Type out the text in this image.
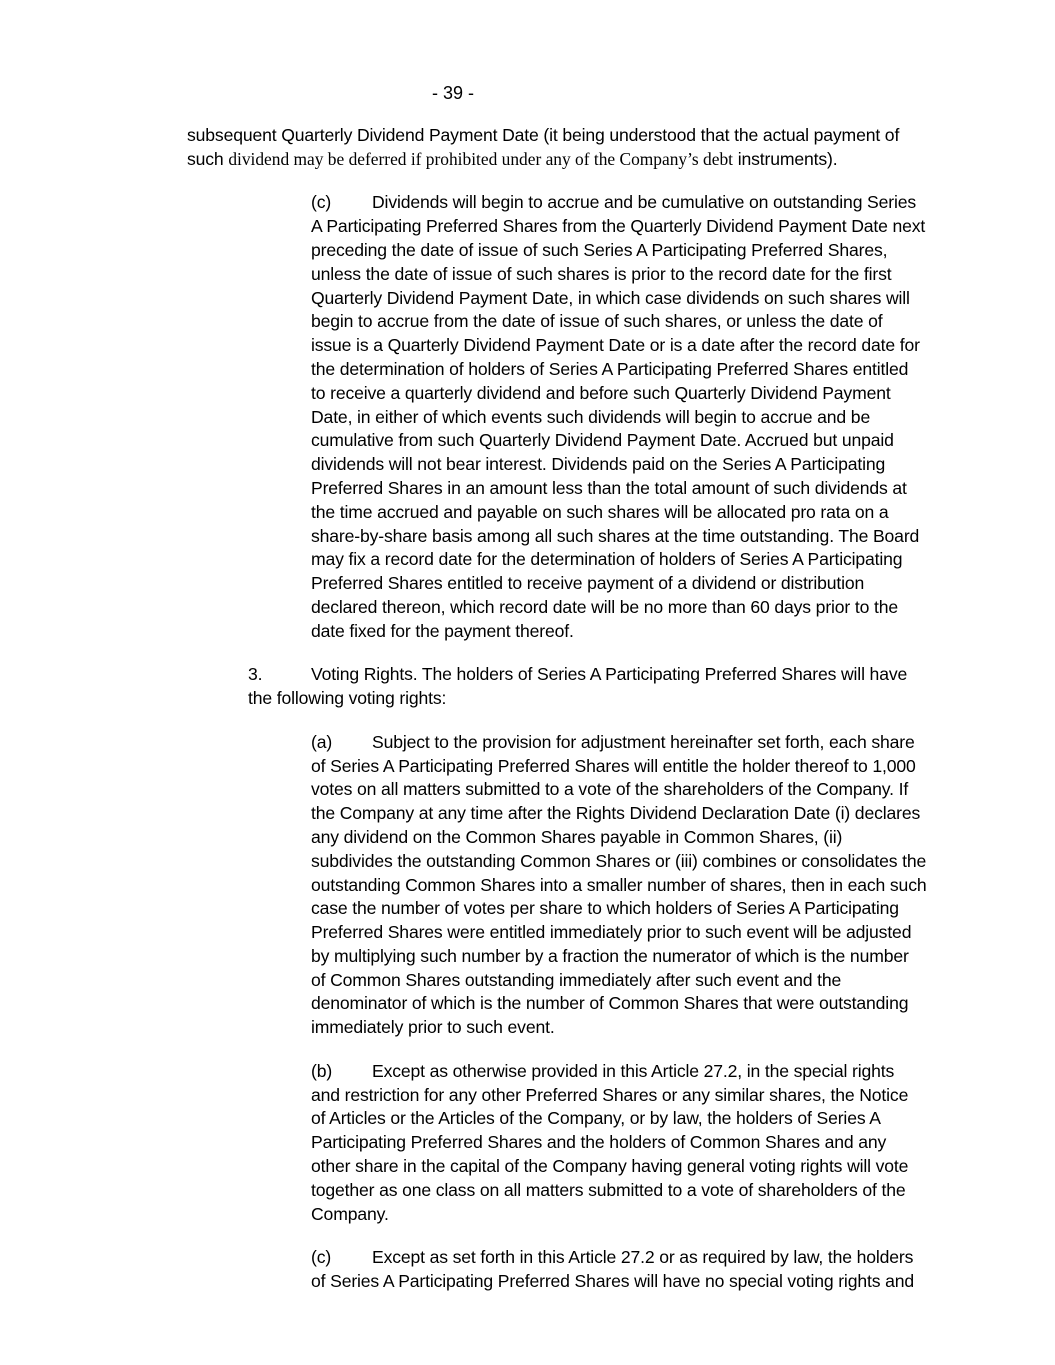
- 39 -

subsequent Quarterly Dividend Payment Date (it being understood that the actual payment of such dividend may be deferred if prohibited under any of the Company’s debt instruments).

(c) Dividends will begin to accrue and be cumulative on outstanding Series A Participating Preferred Shares from the Quarterly Dividend Payment Date next preceding the date of issue of such Series A Participating Preferred Shares, unless the date of issue of such shares is prior to the record date for the first Quarterly Dividend Payment Date, in which case dividends on such shares will begin to accrue from the date of issue of such shares, or unless the date of issue is a Quarterly Dividend Payment Date or is a date after the record date for the determination of holders of Series A Participating Preferred Shares entitled to receive a quarterly dividend and before such Quarterly Dividend Payment Date, in either of which events such dividends will begin to accrue and be cumulative from such Quarterly Dividend Payment Date. Accrued but unpaid dividends will not bear interest. Dividends paid on the Series A Participating Preferred Shares in an amount less than the total amount of such dividends at the time accrued and payable on such shares will be allocated pro rata on a share-by-share basis among all such shares at the time outstanding. The Board may fix a record date for the determination of holders of Series A Participating Preferred Shares entitled to receive payment of a dividend or distribution declared thereon, which record date will be no more than 60 days prior to the date fixed for the payment thereof.

3.	Voting Rights. The holders of Series A Participating Preferred Shares will have the following voting rights:

(a) Subject to the provision for adjustment hereinafter set forth, each share of Series A Participating Preferred Shares will entitle the holder thereof to 1,000 votes on all matters submitted to a vote of the shareholders of the Company. If the Company at any time after the Rights Dividend Declaration Date (i) declares any dividend on the Common Shares payable in Common Shares, (ii) subdivides the outstanding Common Shares or (iii) combines or consolidates the outstanding Common Shares into a smaller number of shares, then in each such case the number of votes per share to which holders of Series A Participating Preferred Shares were entitled immediately prior to such event will be adjusted by multiplying such number by a fraction the numerator of which is the number of Common Shares outstanding immediately after such event and the denominator of which is the number of Common Shares that were outstanding immediately prior to such event.

(b) Except as otherwise provided in this Article 27.2, in the special rights and restriction for any other Preferred Shares or any similar shares, the Notice of Articles or the Articles of the Company, or by law, the holders of Series A Participating Preferred Shares and the holders of Common Shares and any other share in the capital of the Company having general voting rights will vote together as one class on all matters submitted to a vote of shareholders of the Company.

(c) Except as set forth in this Article 27.2 or as required by law, the holders of Series A Participating Preferred Shares will have no special voting rights and
